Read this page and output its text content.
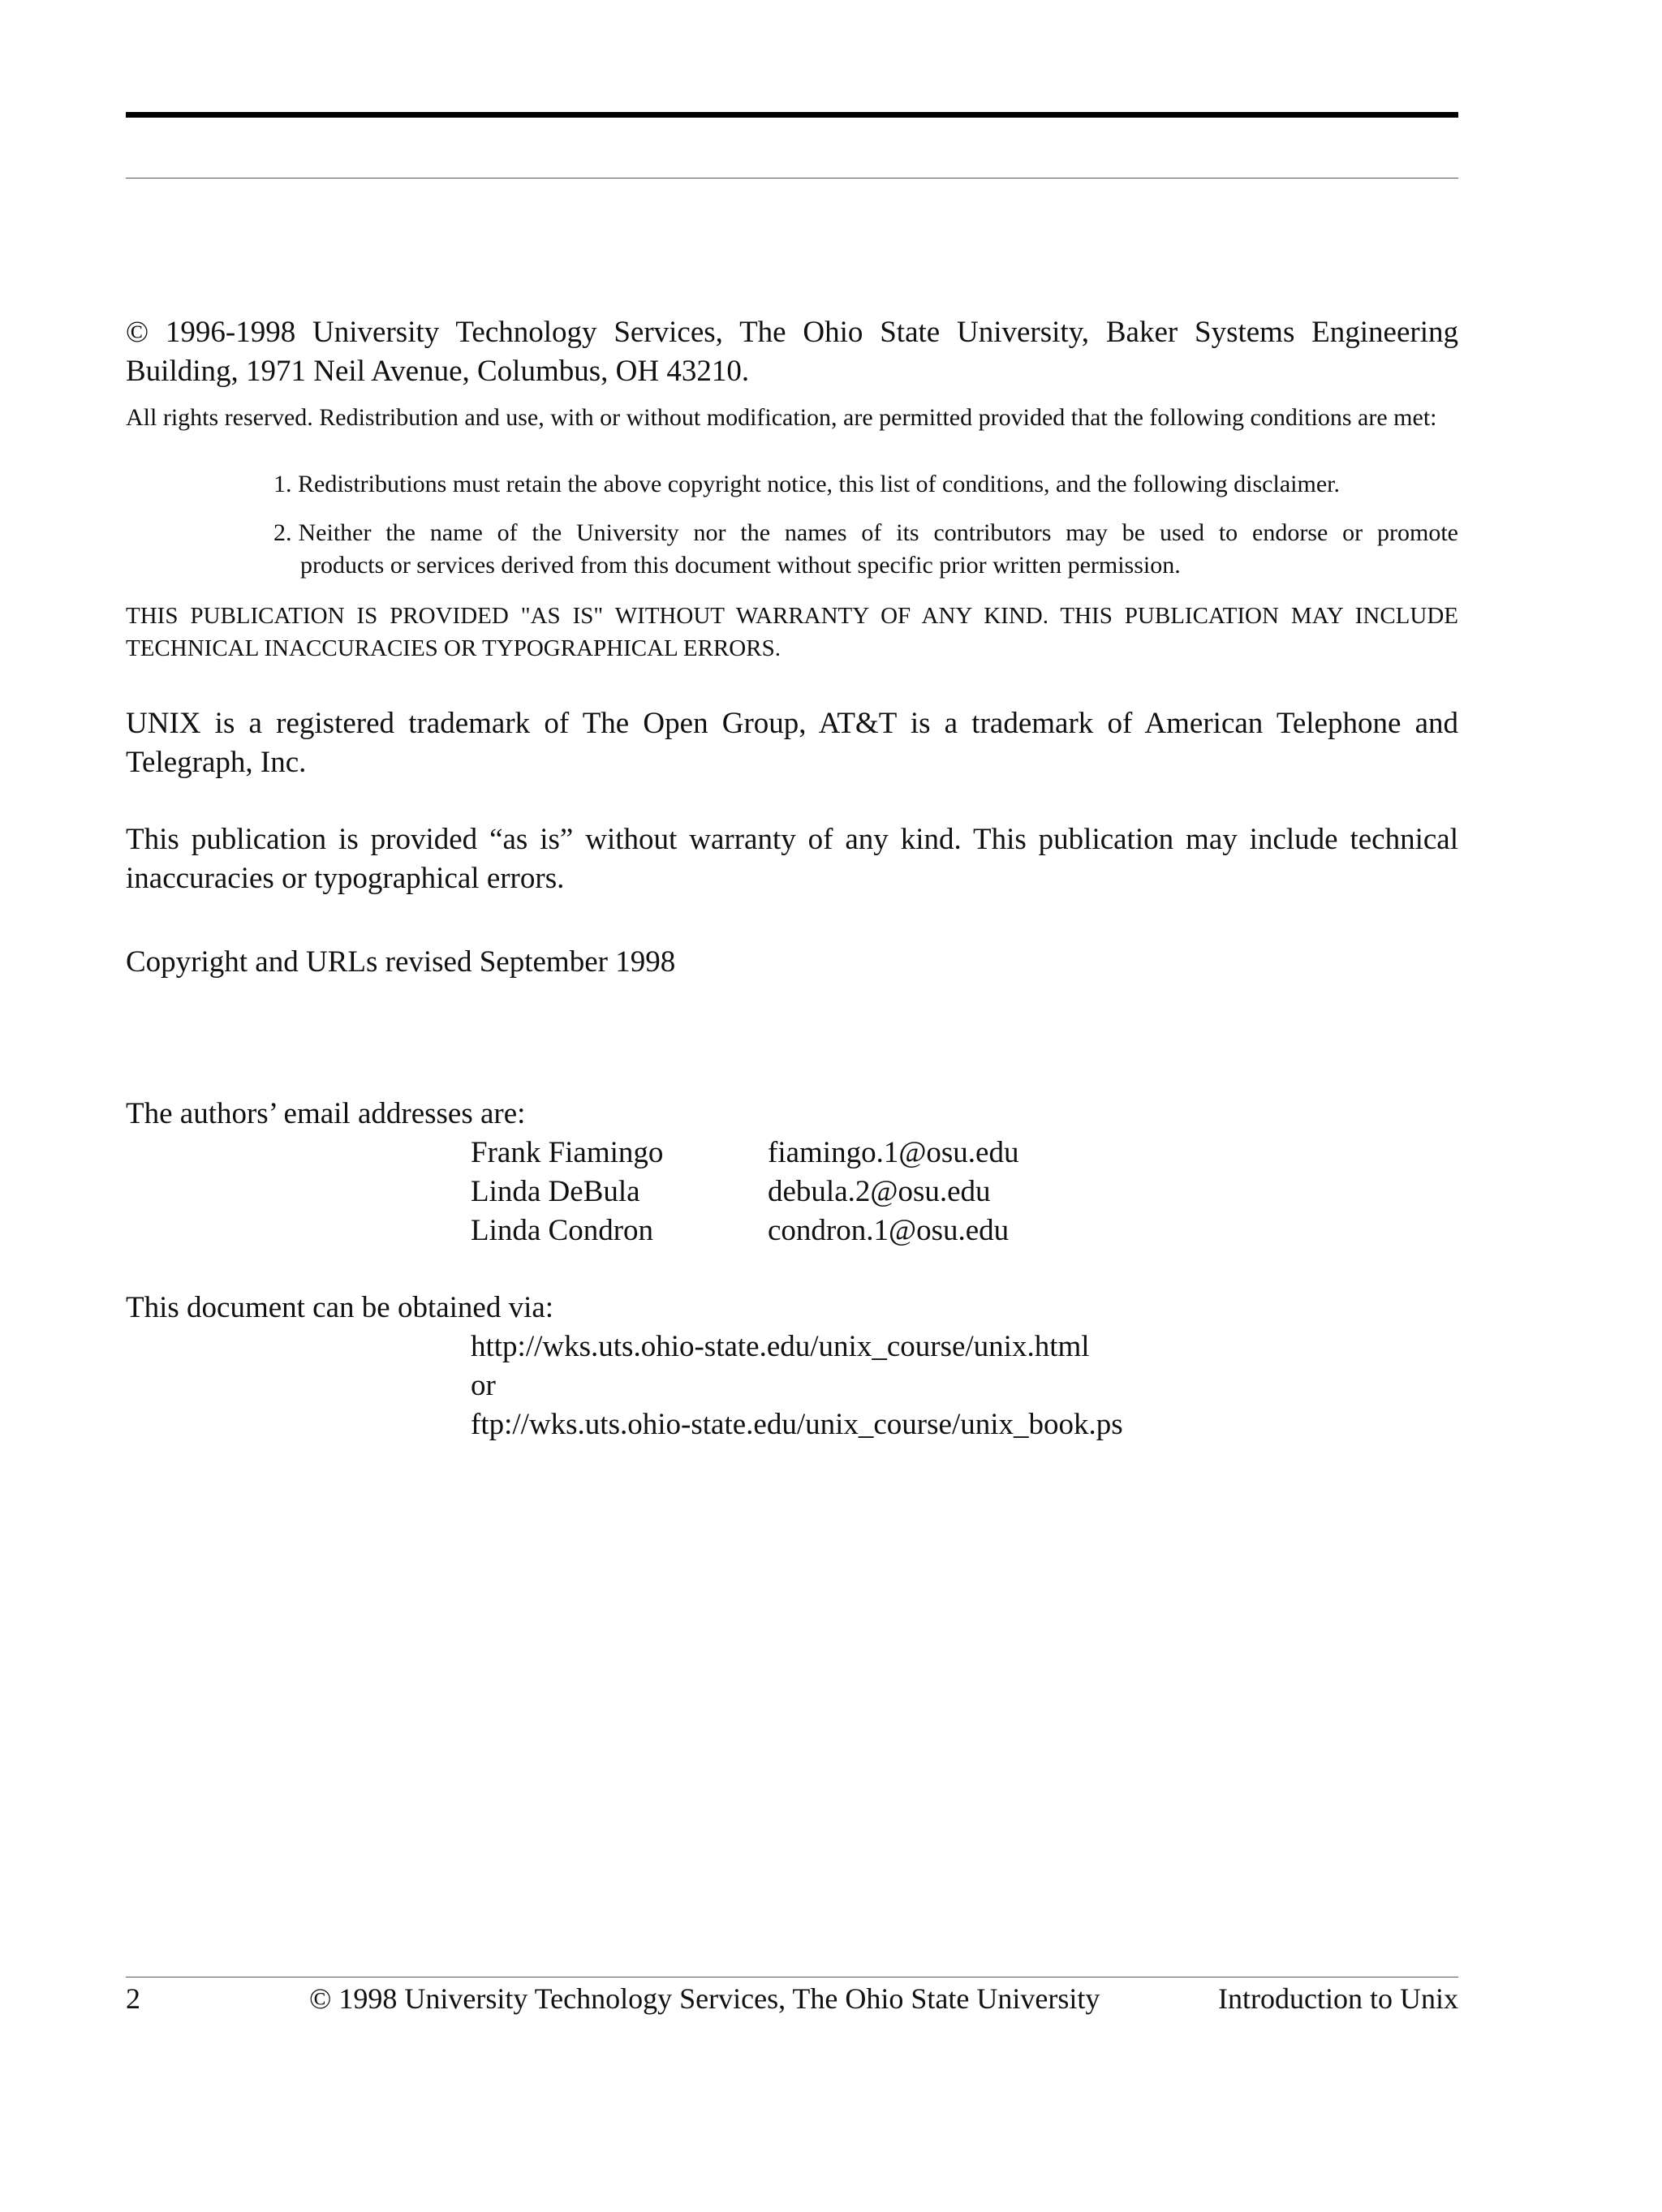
© 1996-1998 University Technology Services, The Ohio State University, Baker Systems Engineering Building, 1971 Neil Avenue, Columbus, OH 43210.

All rights reserved. Redistribution and use, with or without modification, are permitted provided that the following conditions are met:

1. Redistributions must retain the above copyright notice, this list of conditions, and the following disclaimer.
2. Neither the name of the University nor the names of its contributors may be used to endorse or promote
products or services derived from this document without specific prior written permission.

THIS PUBLICATION IS PROVIDED "AS IS" WITHOUT WARRANTY OF ANY KIND. THIS PUBLICATION MAY INCLUDE TECHNICAL INACCURACIES OR TYPOGRAPHICAL ERRORS.

UNIX is a registered trademark of The Open Group, AT&T is a trademark of American Telephone and Telegraph, Inc.

This publication is provided “as is” without warranty of any kind. This publication may include technical inaccuracies or typographical errors.

Copyright and URLs revised September 1998

The authors’ email addresses are:

Frank Fiamingo	fiamingo.1@osu.edu
Linda DeBula	debula.2@osu.edu
Linda Condron	condron.1@osu.edu

This document can be obtained via:

http://wks.uts.ohio-state.edu/unix_course/unix.html
or
ftp://wks.uts.ohio-state.edu/unix_course/unix_book.ps
2	© 1998 University Technology Services, The Ohio State University	Introduction to Unix
